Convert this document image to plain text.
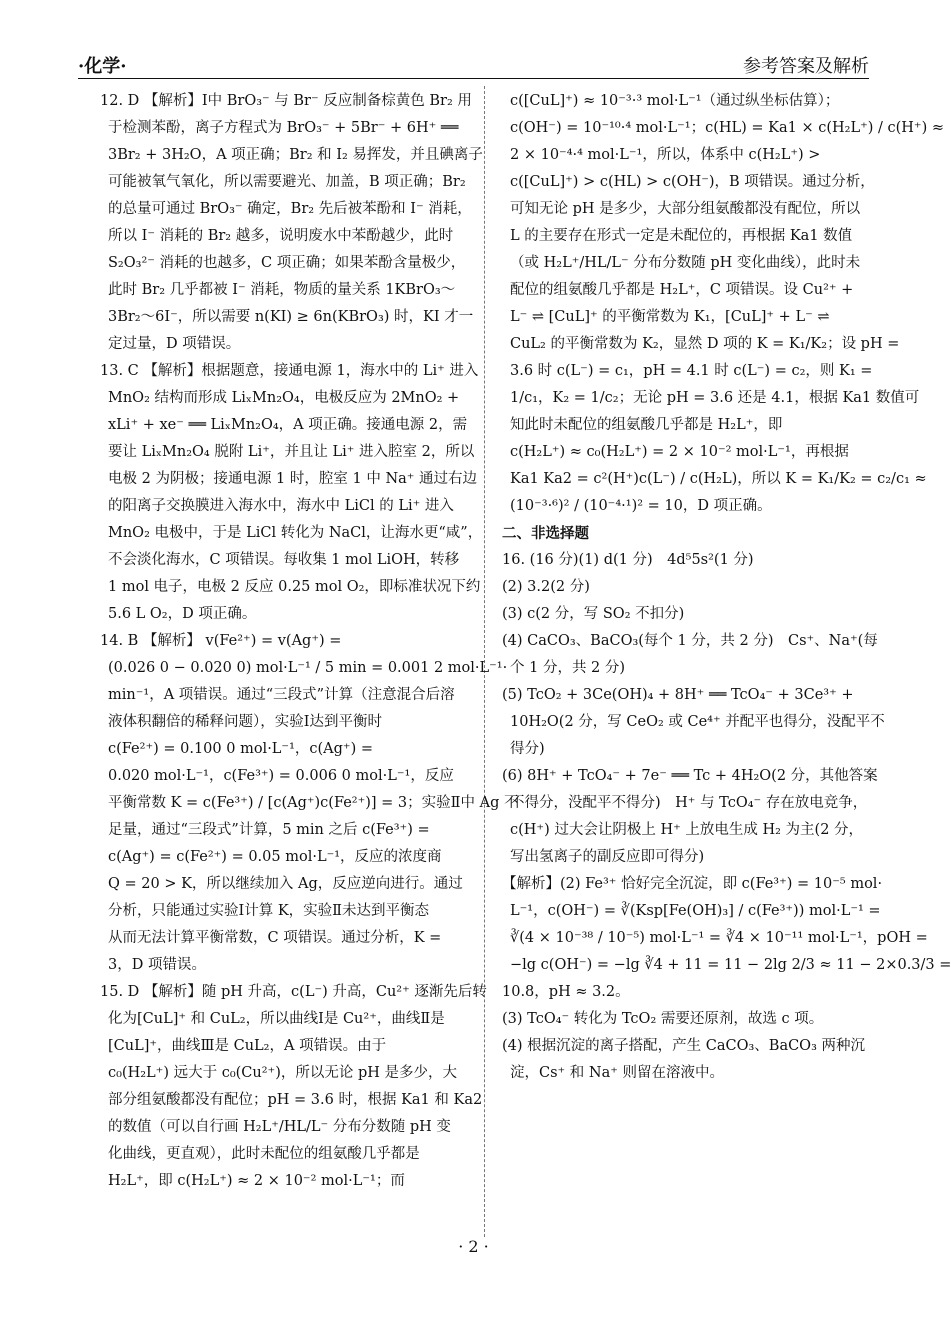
·化学·	参考答案及解析
12. D 【解析】Ⅰ中 BrO₃⁻ 与 Br⁻ 反应制备棕黄色 Br₂ 用
于检测苯酚，离子方程式为 BrO₃⁻ + 5Br⁻ + 6H⁺ ══
3Br₂ + 3H₂O，A 项正确；Br₂ 和 I₂ 易挥发，并且碘离子
可能被氧气氧化，所以需要避光、加盖，B 项正确；Br₂
的总量可通过 BrO₃⁻ 确定，Br₂ 先后被苯酚和 I⁻ 消耗，
所以 I⁻ 消耗的 Br₂ 越多，说明废水中苯酚越少，此时
S₂O₃²⁻ 消耗的也越多，C 项正确；如果苯酚含量极少，
此时 Br₂ 几乎都被 I⁻ 消耗，物质的量关系 1KBrO₃～
3Br₂～6I⁻，所以需要 n(KI) ≥ 6n(KBrO₃) 时，KI 才一
定过量，D 项错误。
13. C 【解析】根据题意，接通电源 1，海水中的 Li⁺ 进入
MnO₂ 结构而形成 LiₓMn₂O₄，电极反应为 2MnO₂ +
xLi⁺ + xe⁻ ══ LiₓMn₂O₄，A 项正确。接通电源 2，需
要让 LiₓMn₂O₄ 脱附 Li⁺，并且让 Li⁺ 进入腔室 2，所以
电极 2 为阴极；接通电源 1 时，腔室 1 中 Na⁺ 通过右边
的阳离子交换膜进入海水中，海水中 LiCl 的 Li⁺ 进入
MnO₂ 电极中，于是 LiCl 转化为 NaCl，让海水更“咸”，
不会淡化海水，C 项错误。每收集 1 mol LiOH，转移
1 mol 电子，电极 2 反应 0.25 mol O₂，即标准状况下约
5.6 L O₂，D 项正确。
14. B 【解析】 v(Fe²⁺) = v(Ag⁺) =
(0.026 0 − 0.020 0) mol·L⁻¹ / 5 min = 0.001 2 mol·L⁻¹·
min⁻¹，A 项错误。通过“三段式”计算（注意混合后溶
液体积翻倍的稀释问题），实验Ⅰ达到平衡时
c(Fe²⁺) = 0.100 0 mol·L⁻¹，c(Ag⁺) =
0.020 mol·L⁻¹，c(Fe³⁺) = 0.006 0 mol·L⁻¹，反应
平衡常数 K = c(Fe³⁺) / [c(Ag⁺)c(Fe²⁺)] = 3；实验Ⅱ中 Ag 不
足量，通过“三段式”计算，5 min 之后 c(Fe³⁺) =
c(Ag⁺) = c(Fe²⁺) = 0.05 mol·L⁻¹，反应的浓度商
Q = 20 > K，所以继续加入 Ag，反应逆向进行。通过
分析，只能通过实验Ⅰ计算 K，实验Ⅱ未达到平衡态
从而无法计算平衡常数，C 项错误。通过分析，K =
3，D 项错误。
15. D 【解析】随 pH 升高，c(L⁻) 升高，Cu²⁺ 逐渐先后转
化为[CuL]⁺ 和 CuL₂，所以曲线Ⅰ是 Cu²⁺，曲线Ⅱ是
[CuL]⁺，曲线Ⅲ是 CuL₂，A 项错误。由于
c₀(H₂L⁺) 远大于 c₀(Cu²⁺)，所以无论 pH 是多少，大
部分组氨酸都没有配位；pH = 3.6 时，根据 Ka1 和 Ka2
的数值（可以自行画 H₂L⁺/HL/L⁻ 分布分数随 pH 变
化曲线，更直观），此时未配位的组氨酸几乎都是
H₂L⁺，即 c(H₂L⁺) ≈ 2 × 10⁻² mol·L⁻¹；而
c([CuL]⁺) ≈ 10⁻³·³ mol·L⁻¹（通过纵坐标估算）；
c(OH⁻) = 10⁻¹⁰·⁴ mol·L⁻¹；c(HL) = Ka1 × c(H₂L⁺) / c(H⁺) ≈
2 × 10⁻⁴·⁴ mol·L⁻¹，所以，体系中 c(H₂L⁺) >
c([CuL]⁺) > c(HL) > c(OH⁻)，B 项错误。通过分析，
可知无论 pH 是多少，大部分组氨酸都没有配位，所以
L 的主要存在形式一定是未配位的，再根据 Ka1 数值
（或 H₂L⁺/HL/L⁻ 分布分数随 pH 变化曲线），此时未
配位的组氨酸几乎都是 H₂L⁺，C 项错误。设 Cu²⁺ +
L⁻ ⇌ [CuL]⁺ 的平衡常数为 K₁，[CuL]⁺ + L⁻ ⇌
CuL₂ 的平衡常数为 K₂，显然 D 项的 K = K₁/K₂；设 pH =
3.6 时 c(L⁻) = c₁，pH = 4.1 时 c(L⁻) = c₂，则 K₁ =
1/c₁，K₂ = 1/c₂；无论 pH = 3.6 还是 4.1，根据 Ka1 数值可
知此时未配位的组氨酸几乎都是 H₂L⁺，即
c(H₂L⁺) ≈ c₀(H₂L⁺) = 2 × 10⁻² mol·L⁻¹，再根据
Ka1 Ka2 = c²(H⁺)c(L⁻) / c(H₂L)，所以 K = K₁/K₂ = c₂/c₁ ≈
(10⁻³·⁶)² / (10⁻⁴·¹)² = 10，D 项正确。
二、非选择题
16. (16 分)(1) d(1 分)　4d⁵5s²(1 分)
(2) 3.2(2 分)
(3) c(2 分，写 SO₂ 不扣分)
(4) CaCO₃、BaCO₃(每个 1 分，共 2 分)　Cs⁺、Na⁺(每
个 1 分，共 2 分)
(5) TcO₂ + 3Ce(OH)₄ + 8H⁺ ══ TcO₄⁻ + 3Ce³⁺ +
10H₂O(2 分，写 CeO₂ 或 Ce⁴⁺ 并配平也得分，没配平不
得分)
(6) 8H⁺ + TcO₄⁻ + 7e⁻ ══ Tc + 4H₂O(2 分，其他答案
不得分，没配平不得分)　H⁺ 与 TcO₄⁻ 存在放电竞争，
c(H⁺) 过大会让阴极上 H⁺ 上放电生成 H₂ 为主(2 分，
写出氢离子的副反应即可得分)
【解析】(2) Fe³⁺ 恰好完全沉淀，即 c(Fe³⁺) = 10⁻⁵ mol·
L⁻¹，c(OH⁻) = ∛(Ksp[Fe(OH)₃] / c(Fe³⁺)) mol·L⁻¹ =
∛(4 × 10⁻³⁸ / 10⁻⁵) mol·L⁻¹ = ∛4 × 10⁻¹¹ mol·L⁻¹，pOH =
−lg c(OH⁻) = −lg ∛4 + 11 = 11 − 2lg 2/3 ≈ 11 − 2×0.3/3 =
10.8，pH ≈ 3.2。
(3) TcO₄⁻ 转化为 TcO₂ 需要还原剂，故选 c 项。
(4) 根据沉淀的离子搭配，产生 CaCO₃、BaCO₃ 两种沉
淀，Cs⁺ 和 Na⁺ 则留在溶液中。
· 2 ·
